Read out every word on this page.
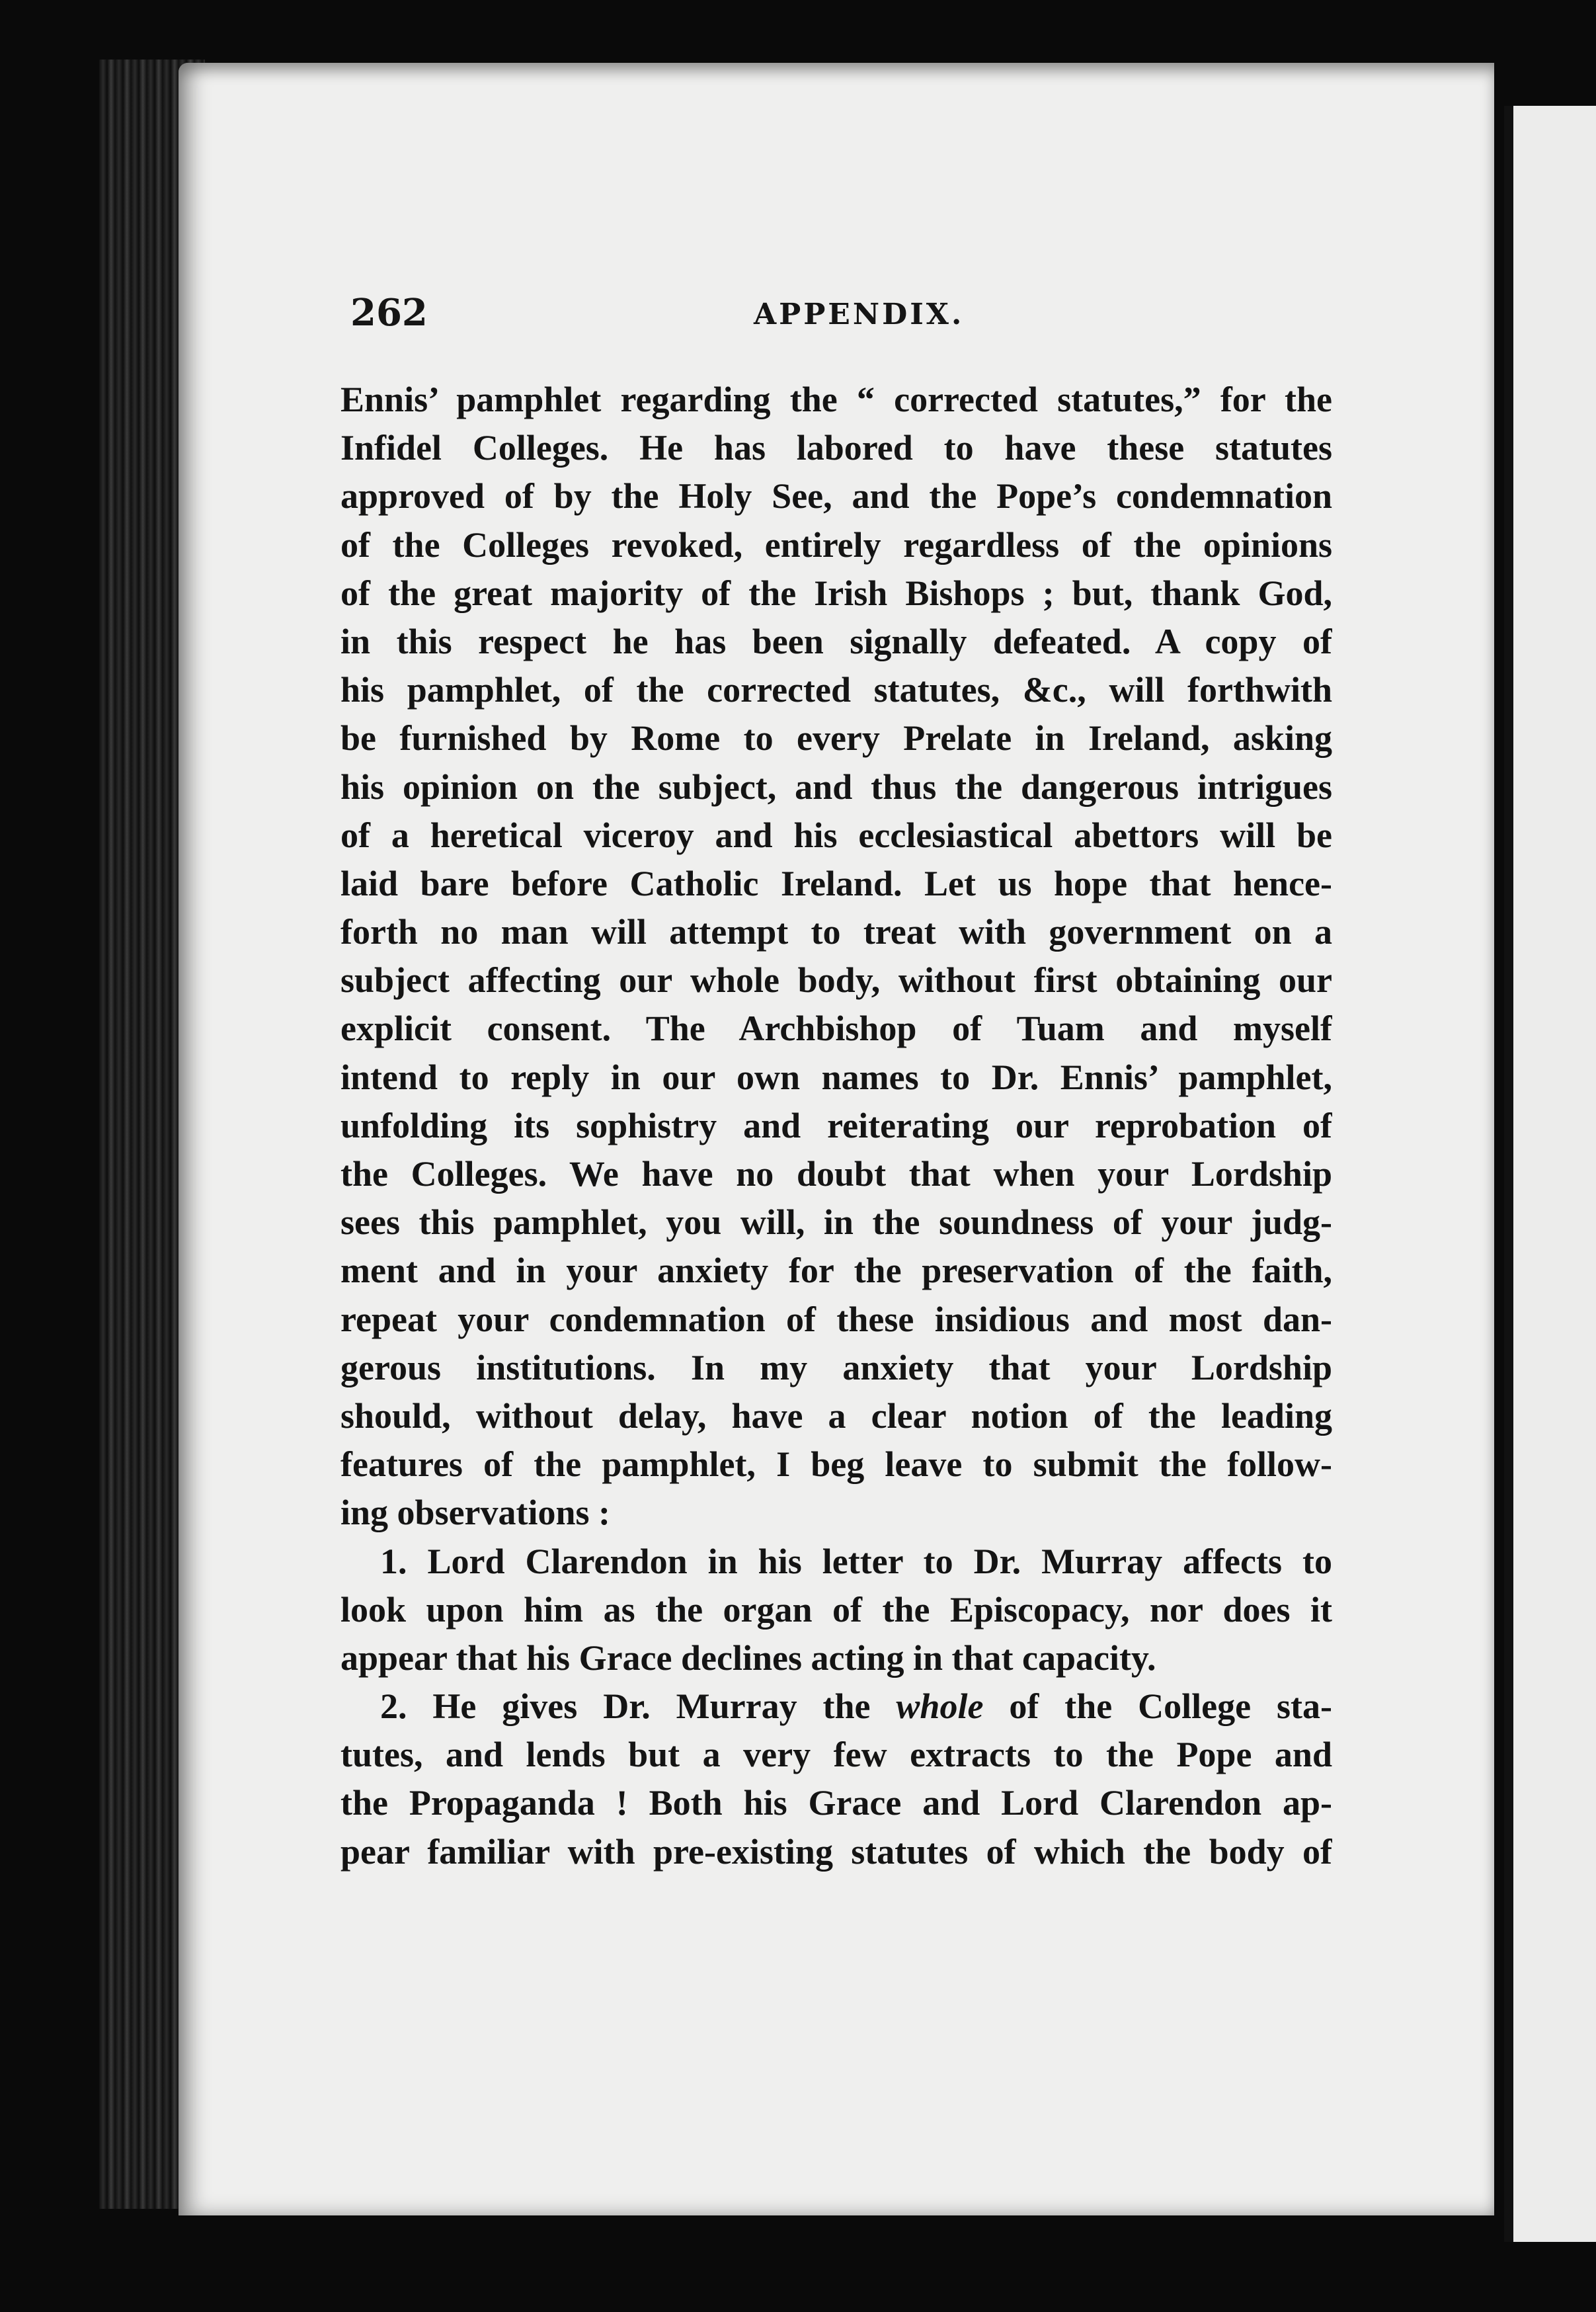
262	APPENDIX.
Ennis’ pamphlet regarding the “ corrected statutes,” for the
Infidel Colleges. He has labored to have these statutes
approved of by the Holy See, and the Pope’s condemnation
of the Colleges revoked, entirely regardless of the opinions
of the great majority of the Irish Bishops ; but, thank God,
in this respect he has been signally defeated. A copy of
his pamphlet, of the corrected statutes, &c., will forthwith
be furnished by Rome to every Prelate in Ireland, asking
his opinion on the subject, and thus the dangerous intrigues
of a heretical viceroy and his ecclesiastical abettors will be
laid bare before Catholic Ireland. Let us hope that hence-
forth no man will attempt to treat with government on a
subject affecting our whole body, without first obtaining our
explicit consent. The Archbishop of Tuam and myself
intend to reply in our own names to Dr. Ennis’ pamphlet,
unfolding its sophistry and reiterating our reprobation of
the Colleges. We have no doubt that when your Lordship
sees this pamphlet, you will, in the soundness of your judg-
ment and in your anxiety for the preservation of the faith,
repeat your condemnation of these insidious and most dan-
gerous institutions. In my anxiety that your Lordship
should, without delay, have a clear notion of the leading
features of the pamphlet, I beg leave to submit the follow-
ing observations :
1. Lord Clarendon in his letter to Dr. Murray affects to
look upon him as the organ of the Episcopacy, nor does it
appear that his Grace declines acting in that capacity.
2. He gives Dr. Murray the whole of the College sta-
tutes, and lends but a very few extracts to the Pope and
the Propaganda ! Both his Grace and Lord Clarendon ap-
pear familiar with pre-existing statutes of which the body of
